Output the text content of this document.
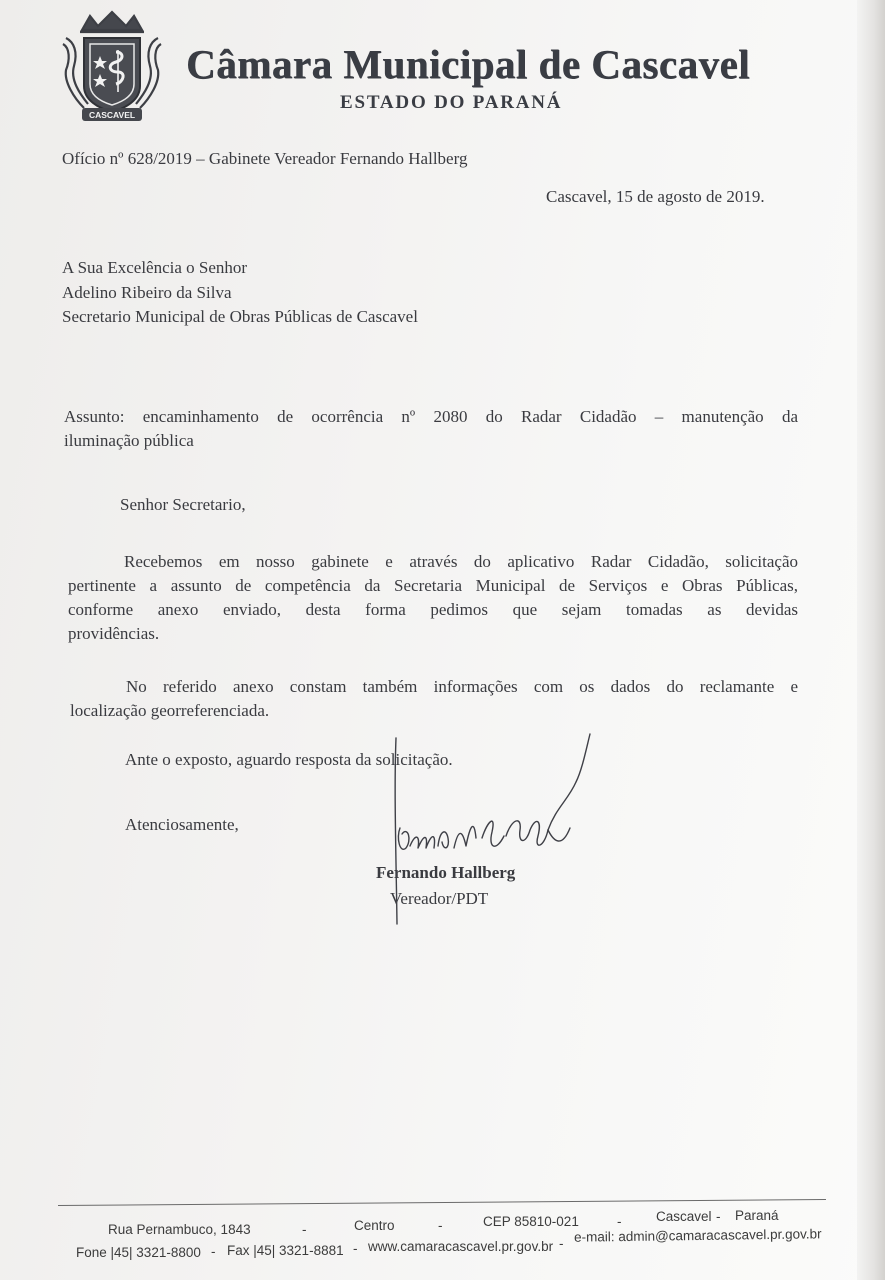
CASCAVEL
Câmara Municipal de Cascavel
ESTADO DO PARANÁ
Ofício nº 628/2019 – Gabinete Vereador Fernando Hallberg
Cascavel, 15 de agosto de 2019.
A Sua Excelência o Senhor
Adelino Ribeiro da Silva
Secretario Municipal de Obras Públicas de Cascavel
Assunto: encaminhamento de ocorrência nº 2080 do Radar Cidadão – manutenção da
iluminação pública
Senhor Secretario,
Recebemos em nosso gabinete e através do aplicativo Radar Cidadão, solicitação
pertinente a assunto de competência da Secretaria Municipal de Serviços e Obras Públicas,
conforme anexo enviado, desta forma pedimos que sejam tomadas as devidas
providências.
No referido anexo constam também informações com os dados do reclamante e
localização georreferenciada.
Ante o exposto, aguardo resposta da solicitação.
Atenciosamente,
Fernando Hallberg
Vereador/PDT
Rua Pernambuco, 1843	-	Centro	-	CEP 85810-021	-	Cascavel - Paraná
Fone |45| 3321-8800 - Fax |45| 3321-8881 - www.camaracascavel.pr.gov.br - e-mail: admin@camaracascavel.pr.gov.br
